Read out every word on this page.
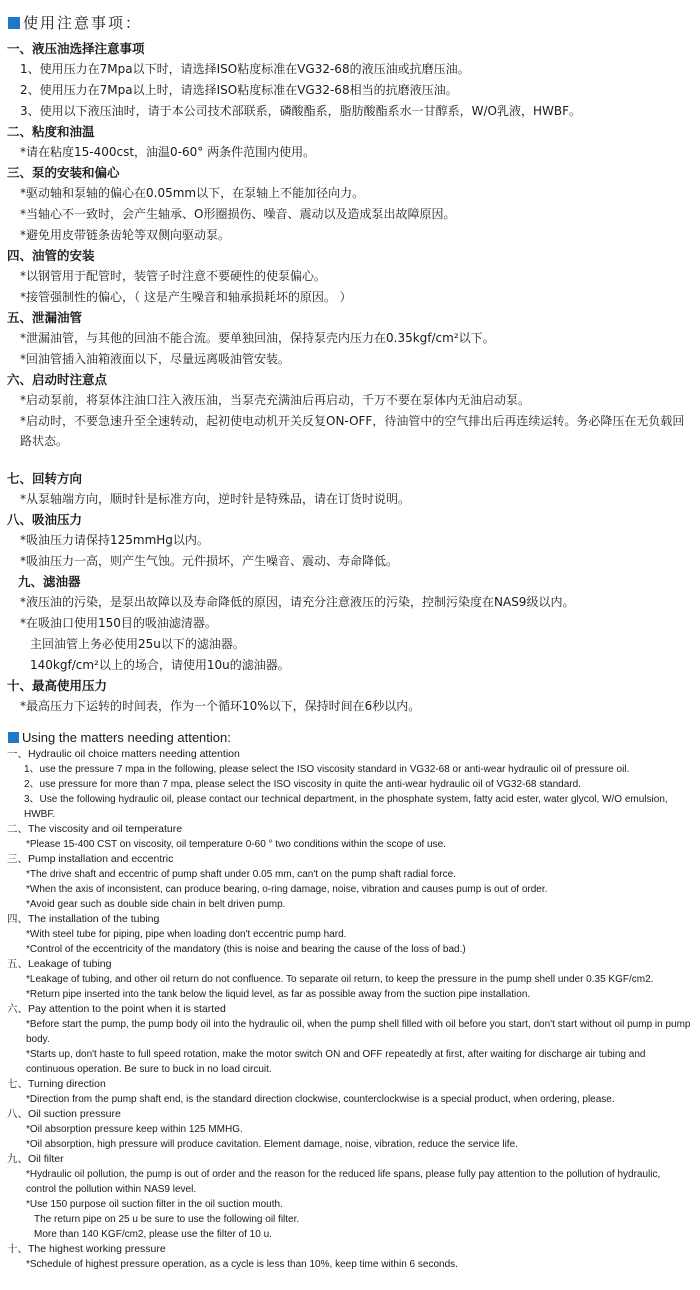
使用注意事项：
一、液压油选择注意事项
1、使用压力在7Mpa以下时，请选择ISO粘度标准在VG32-68的液压油或抗磨压油。
2、使用压力在7Mpa以上时，请选择ISO粘度标准在VG32-68相当的抗磨液压油。
3、使用以下液压油时，请于本公司技术部联系，磷酸酯系，脂肪酸酯系水一甘醇系，W/O乳液，HWBF。
二、粘度和油温
*请在粘度15-400cst，油温0-60° 两条件范围内使用。
三、泵的安装和偏心
*驱动轴和泵轴的偏心在0.05mm以下，在泵轴上不能加径向力。
*当轴心不一致时，会产生轴承、O形圈损伤、噪音、震动以及造成泵出故障原因。
*避免用皮带链条齿轮等双侧向驱动泵。
四、油管的安装
*以钢管用于配管时，装管子时注意不要硬性的使泵偏心。
*接管强制性的偏心，（ 这是产生噪音和轴承损耗坏的原因。 ）
五、泄漏油管
*泄漏油管，与其他的回油不能合流。要单独回油，保持泵壳内压力在0.35kgf/cm²以下。
*回油管插入油箱液面以下，尽量远离吸油管安装。
六、启动时注意点
*启动泵前，将泵体注油口注入液压油，当泵壳充满油后再启动，千万不要在泵体内无油启动泵。
*启动时，不要急速升至全速转动，起初使电动机开关反复ON-OFF，待油管中的空气排出后再连续运转。务必降压在无负载回路状态。
七、回转方向
*从泵轴端方向，顺时针是标准方向，逆时针是特殊品，请在订货时说明。
八、吸油压力
*吸油压力请保持125mmHg以内。
*吸油压力一高，则产生气蚀。元件损坏，产生噪音、震动、寿命降低。
九、滤油器
*液压油的污染，是泵出故障以及寿命降低的原因，请充分注意液压的污染，控制污染度在NAS9级以内。
*在吸油口使用150目的吸油滤清器。
主回油管上务必使用25u以下的滤油器。
140kgf/cm²以上的场合，请使用10u的滤油器。
十、最高使用压力
*最高压力下运转的时间表，作为一个循环10%以下，保持时间在6秒以内。
Using the matters needing attention:
一、Hydraulic oil choice matters needing attention
1、use the pressure 7 mpa in the following, please select the ISO viscosity standard in VG32-68 or anti-wear hydraulic oil of pressure oil.
2、use pressure for more than 7 mpa, please select the ISO viscosity in quite the anti-wear hydraulic oil of VG32-68 standard.
3、Use the following hydraulic oil, please contact our technical department, in the phosphate system, fatty acid ester, water glycol, W/O emulsion, HWBF.
二、The viscosity and oil temperature
*Please 15-400 CST on viscosity, oil temperature 0-60 ° two conditions within the scope of use.
三、Pump installation and eccentric
*The drive shaft and eccentric of pump shaft under 0.05 mm, can't on the pump shaft radial force.
*When the axis of inconsistent, can produce bearing, o-ring damage, noise, vibration and causes pump is out of order.
*Avoid gear such as double side chain in belt driven pump.
四、The installation of the tubing
*With steel tube for piping, pipe when loading don't eccentric pump hard.
*Control of the eccentricity of the mandatory (this is noise and bearing the cause of the loss of bad.)
五、Leakage of tubing
*Leakage of tubing, and other oil return do not confluence. To separate oil return, to keep the pressure in the pump shell under 0.35 KGF/cm2.
*Return pipe inserted into the tank below the liquid level, as far as possible away from the suction pipe installation.
六、Pay attention to the point when it is started
*Before start the pump, the pump body oil into the hydraulic oil, when the pump shell filled with oil before you start, don't start without oil pump in pump body.
*Starts up, don't haste to full speed rotation, make the motor switch ON and OFF repeatedly at first, after waiting for discharge air tubing and continuous operation. Be sure to buck in no load circuit.
七、Turning direction
*Direction from the pump shaft end, is the standard direction clockwise, counterclockwise is a special product, when ordering, please.
八、Oil suction pressure
*Oil absorption pressure keep within 125 MMHG.
*Oil absorption, high pressure will produce cavitation. Element damage, noise, vibration, reduce the service life.
九、Oil filter
*Hydraulic oil pollution, the pump is out of order and the reason for the reduced life spans, please fully pay attention to the pollution of hydraulic, control the pollution within NAS9 level.
*Use 150 purpose oil suction filter in the oil suction mouth.
The return pipe on 25 u be sure to use the following oil filter.
More than 140 KGF/cm2, please use the filter of 10 u.
十、The highest working pressure
*Schedule of highest pressure operation, as a cycle is less than 10%, keep time within 6 seconds.
